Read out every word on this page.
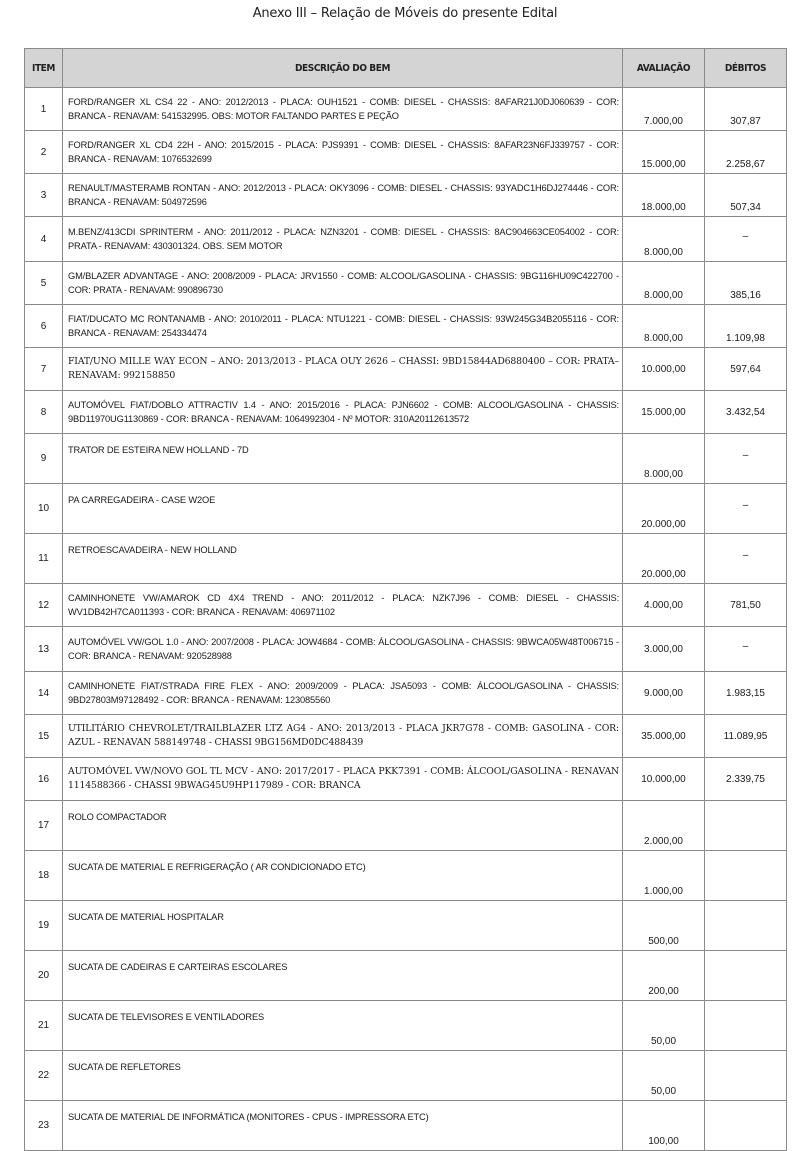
Anexo III – Relação de Móveis do presente Edital
ITEM	DESCRIÇÃO DO BEM	AVALIAÇÃO	DÉBITOS
1	FORD/RANGER XL CS4 22 - ANO: 2012/2013 - PLACA: OUH1521 - COMB: DIESEL - CHASSIS: 8AFAR21J0DJ060639 - COR: BRANCA - RENAVAM: 541532995. OBS: MOTOR FALTANDO PARTES E PEÇÃO	7.000,00	307,87
2	FORD/RANGER XL CD4 22H - ANO: 2015/2015 - PLACA: PJS9391 - COMB: DIESEL - CHASSIS: 8AFAR23N6FJ339757 - COR: BRANCA - RENAVAM: 1076532699	15.000,00	2.258,67
3	RENAULT/MASTERAMB RONTAN - ANO: 2012/2013 - PLACA: OKY3096 - COMB: DIESEL - CHASSIS: 93YADC1H6DJ274446 - COR: BRANCA - RENAVAM: 504972596	18.000,00	507,34
4	M.BENZ/413CDI SPRINTERM - ANO: 2011/2012 - PLACA: NZN3201 - COMB: DIESEL - CHASSIS: 8AC904663CE054002 - COR: PRATA - RENAVAM: 430301324. OBS. SEM MOTOR	8.000,00	–
5	GM/BLAZER ADVANTAGE - ANO: 2008/2009 - PLACA: JRV1550 - COMB: ALCOOL/GASOLINA - CHASSIS: 9BG116HU09C422700 - COR: PRATA - RENAVAM: 990896730	8.000,00	385,16
6	FIAT/DUCATO MC RONTANAMB - ANO: 2010/2011 - PLACA: NTU1221 - COMB: DIESEL - CHASSIS: 93W245G34B2055116 - COR: BRANCA - RENAVAM: 254334474	8.000,00	1.109,98
7	FIAT/UNO MILLE WAY ECON – ANO: 2013/2013 - PLACA OUY 2626 – CHASSI: 9BD15844AD6880400 – COR: PRATA– RENAVAM: 992158850	10.000,00	597,64
8	AUTOMÓVEL FIAT/DOBLO ATTRACTIV 1.4 - ANO: 2015/2016 - PLACA: PJN6602 - COMB: ALCOOL/GASOLINA - CHASSIS: 9BD11970UG1130869 - COR: BRANCA - RENAVAM: 1064992304 - Nº MOTOR: 310A20112613572	15.000,00	3.432,54
9	TRATOR DE ESTEIRA NEW HOLLAND - 7D	8.000,00	–
10	PA CARREGADEIRA - CASE W2OE	20.000,00	–
11	RETROESCAVADEIRA - NEW HOLLAND	20.000,00	–
12	CAMINHONETE VW/AMAROK CD 4X4 TREND - ANO: 2011/2012 - PLACA: NZK7J96 - COMB: DIESEL - CHASSIS: WV1DB42H7CA011393 - COR: BRANCA - RENAVAM: 406971102	4.000,00	781,50
13	AUTOMÓVEL VW/GOL 1.0 - ANO: 2007/2008 - PLACA: JOW4684 - COMB: ÁLCOOL/GASOLINA - CHASSIS: 9BWCA05W48T006715 - COR: BRANCA - RENAVAM: 920528988	3.000,00	–
14	CAMINHONETE FIAT/STRADA FIRE FLEX - ANO: 2009/2009 - PLACA: JSA5093 - COMB: ÁLCOOL/GASOLINA - CHASSIS: 9BD27803M97128492 - COR: BRANCA - RENAVAM: 123085560	9.000,00	1.983,15
15	UTILITÁRIO CHEVROLET/TRAILBLAZER LTZ AG4 - ANO: 2013/2013 - PLACA JKR7G78 - COMB: GASOLINA - COR: AZUL - RENAVAN 588149748 - CHASSI 9BG156MD0DC488439	35.000,00	11.089,95
16	AUTOMÓVEL VW/NOVO GOL TL MCV - ANO: 2017/2017 - PLACA PKK7391 - COMB: ÁLCOOL/GASOLINA - RENAVAN 1114588366 - CHASSI 9BWAG45U9HP117989 - COR: BRANCA	10.000,00	2.339,75
17	ROLO COMPACTADOR	2.000,00	
18	SUCATA DE MATERIAL E REFRIGERAÇÃO ( AR CONDICIONADO ETC)	1.000,00	
19	SUCATA DE MATERIAL HOSPITALAR	500,00	
20	SUCATA DE CADEIRAS E CARTEIRAS ESCOLARES	200,00	
21	SUCATA DE TELEVISORES E VENTILADORES	50,00	
22	SUCATA DE REFLETORES	50,00	
23	SUCATA DE MATERIAL DE INFORMÁTICA (MONITORES - CPUS - IMPRESSORA ETC)	100,00	
